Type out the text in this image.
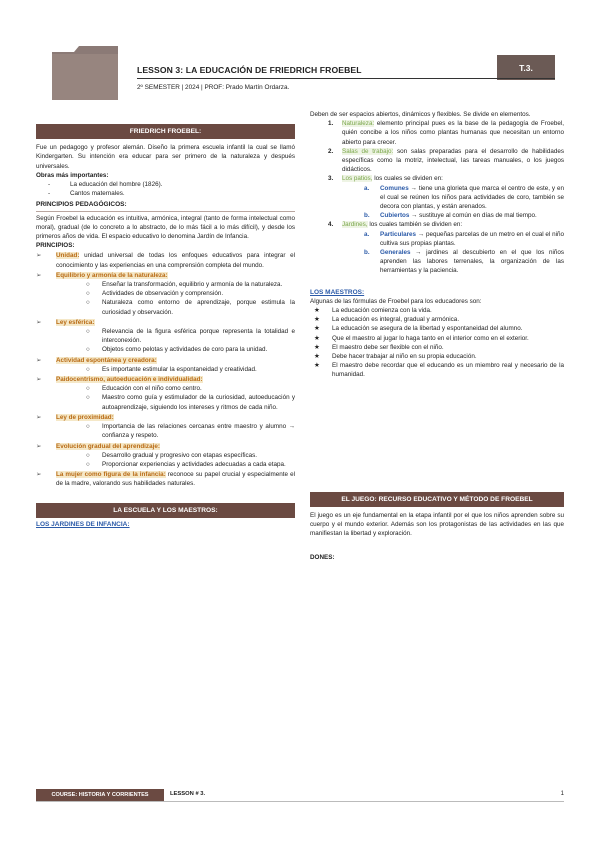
LESSON 3: LA EDUCACIÓN DE FRIEDRICH FROEBEL	T.3.
2º SEMESTER | 2024 | PROF: Prado Martín Ordarza.
FRIEDRICH FROEBEL:

Fue un pedagogo y profesor alemán. Diseño la primera escuela infantil la cual se llamó Kindergarten. Su intención era educar para ser primero de la naturaleza y después universales.

Obras más importantes:

- La educación del hombre (1826).
- Cantos maternales.
PRINCIPIOS PEDAGÓGICOS:

Según Froebel la educación es intuitiva, armónica, integral (tanto de forma intelectual como moral), gradual (de lo concreto a lo abstracto, de lo más fácil a lo más difícil), y desde los primeros años de vida. El espacio educativo lo denomina Jardín de Infancia.

PRINCIPIOS:

➢	Unidad: unidad universal de todas los enfoques educativos para integrar el conocimiento y las experiencias en una comprensión completa del mundo.
➢	Equilibrio y armonía de la naturaleza:
○	Enseñar la transformación, equilibrio y armonía de la naturaleza.
○	Actividades de observación y comprensión.
○	Naturaleza como entorno de aprendizaje, porque estimula la curiosidad y observación.
➢	Ley esférica:
○	Relevancia de la figura esférica porque representa la totalidad e interconexión.
○	Objetos como pelotas y actividades de coro para la unidad.
➢	Actividad espontánea y creadora:
○	Es importante estimular la espontaneidad y creatividad.
➢	Paidocentrismo, autoeducación e individualidad:
○	Educación con el niño como centro.
○	Maestro como guía y estimulador de la curiosidad, autoeducación y autoaprendizaje, siguiendo los intereses y ritmos de cada niño.
➢	Ley de proximidad:
○	Importancia de las relaciones cercanas entre maestro y alumno → confianza y respeto.
➢	Evolución gradual del aprendizaje:
○	Desarrollo gradual y progresivo con etapas específicas.
○	Proporcionar experiencias y actividades adecuadas a cada etapa.
➢	La mujer como figura de la infancia: reconoce su papel crucial y especialmente el de la madre, valorando sus habilidades naturales.
LA ESCUELA Y LOS MAESTROS:
LOS JARDINES DE INFANCIA:

Deben de ser espacios abiertos, dinámicos y flexibles. Se divide en elementos.

1.	Naturaleza: elemento principal pues es la base de la pedagogía de Froebel, quién concibe a los niños como plantas humanas que necesitan un entorno abierto para crecer.
2.	Salas de trabajo: son salas preparadas para el desarrollo de habilidades específicas como la motriz, intelectual, las tareas manuales, o los juegos didácticos.
3.	Los patios, los cuales se dividen en:
a.	Comunes → tiene una glorieta que marca el centro de este, y en el cual se reúnen los niños para actividades de coro, también se decora con plantas, y están arenados.
b.	Cubiertos → sustituye al común en días de mal tiempo.
4.	Jardines, los cuales también se dividen en:
a.	Particulares → pequeñas parcelas de un metro en el cual el niño cultiva sus propias plantas.
b.	Generales → jardines al descubierto en el que los niños aprenden las labores terrenales, la organización de las herramientas y la paciencia.
LOS MAESTROS:

Algunas de las fórmulas de Froebel para los educadores son:

★	La educación comienza con la vida.
★	La educación es integral, gradual y armónica.
★	La educación se asegura de la libertad y espontaneidad del alumno.
★	Que el maestro al jugar lo haga tanto en el interior como en el exterior.
★	El maestro debe ser flexible con el niño.
★	Debe hacer trabajar al niño en su propia educación.
★	El maestro debe recordar que el educando es un miembro real y necesario de la humanidad.
EL JUEGO: RECURSO EDUCATIVO Y MÉTODO DE FROEBEL

El juego es un eje fundamental en la etapa infantil por el que los niños aprenden sobre su cuerpo y el mundo exterior. Además son los protagonistas de las actividades en las que manifiestan la libertad y exploración.

DONES:

COURSE: HISTORIA Y CORRIENTES	LESSON # 3.	1
